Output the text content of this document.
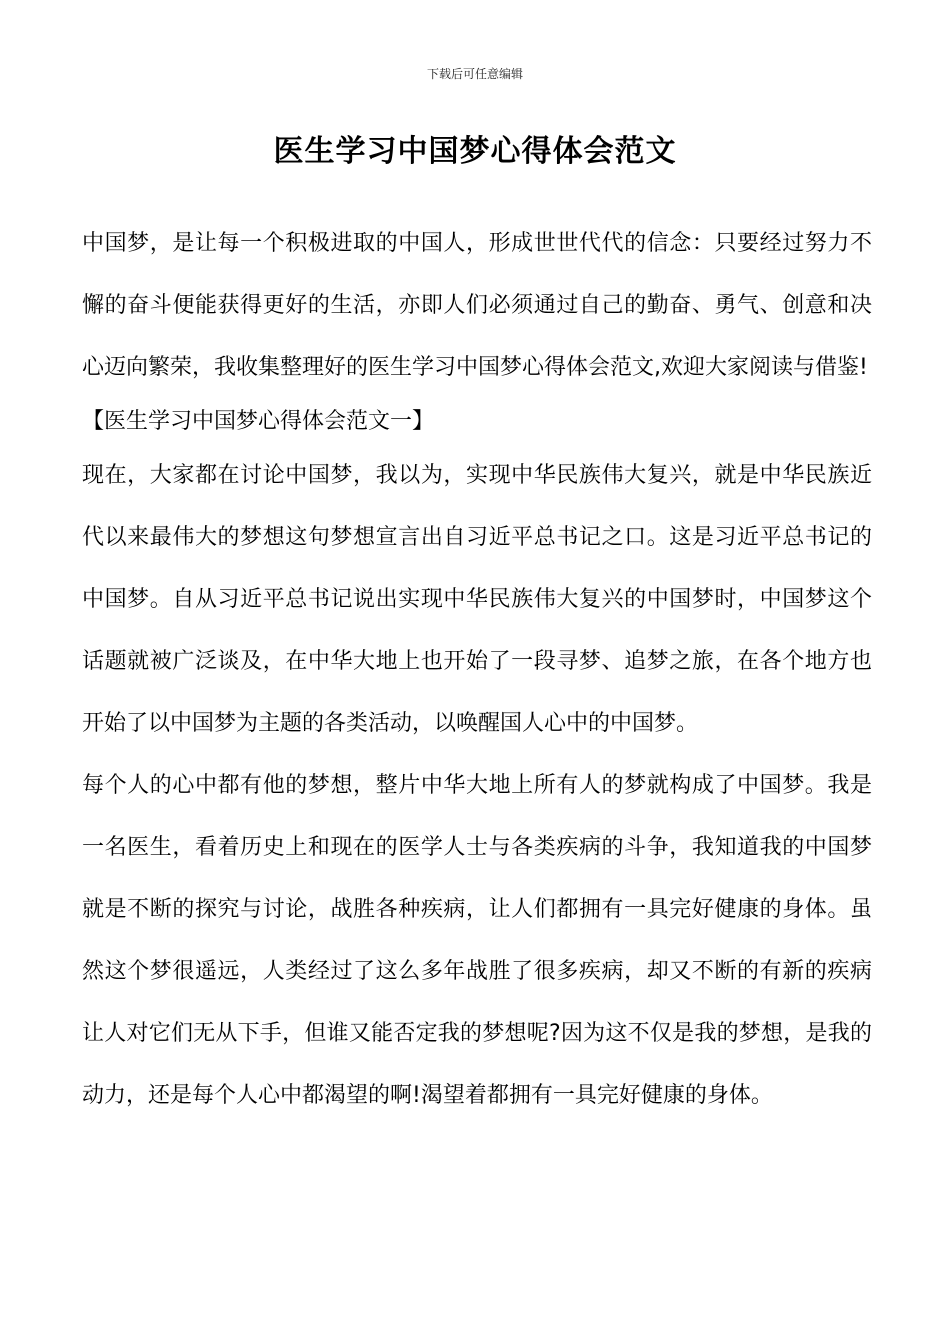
下载后可任意编辑
医生学习中国梦心得体会范文

中国梦，是让每一个积极进取的中国人，形成世世代代的信念：只要经过努力不懈的奋斗便能获得更好的生活，亦即人们必须通过自己的勤奋、勇气、创意和决心迈向繁荣，我收集整理好的医生学习中国梦心得体会范文,欢迎大家阅读与借鉴!

【医生学习中国梦心得体会范文一】

现在，大家都在讨论中国梦，我以为，实现中华民族伟大复兴，就是中华民族近代以来最伟大的梦想这句梦想宣言出自习近平总书记之口。这是习近平总书记的中国梦。自从习近平总书记说出实现中华民族伟大复兴的中国梦时，中国梦这个话题就被广泛谈及，在中华大地上也开始了一段寻梦、追梦之旅，在各个地方也开始了以中国梦为主题的各类活动，以唤醒国人心中的中国梦。

每个人的心中都有他的梦想，整片中华大地上所有人的梦就构成了中国梦。我是一名医生，看着历史上和现在的医学人士与各类疾病的斗争，我知道我的中国梦就是不断的探究与讨论，战胜各种疾病，让人们都拥有一具完好健康的身体。虽然这个梦很遥远，人类经过了这么多年战胜了很多疾病，却又不断的有新的疾病让人对它们无从下手，但谁又能否定我的梦想呢?因为这不仅是我的梦想，是我的动力，还是每个人心中都渴望的啊!渴望着都拥有一具完好健康的身体。
